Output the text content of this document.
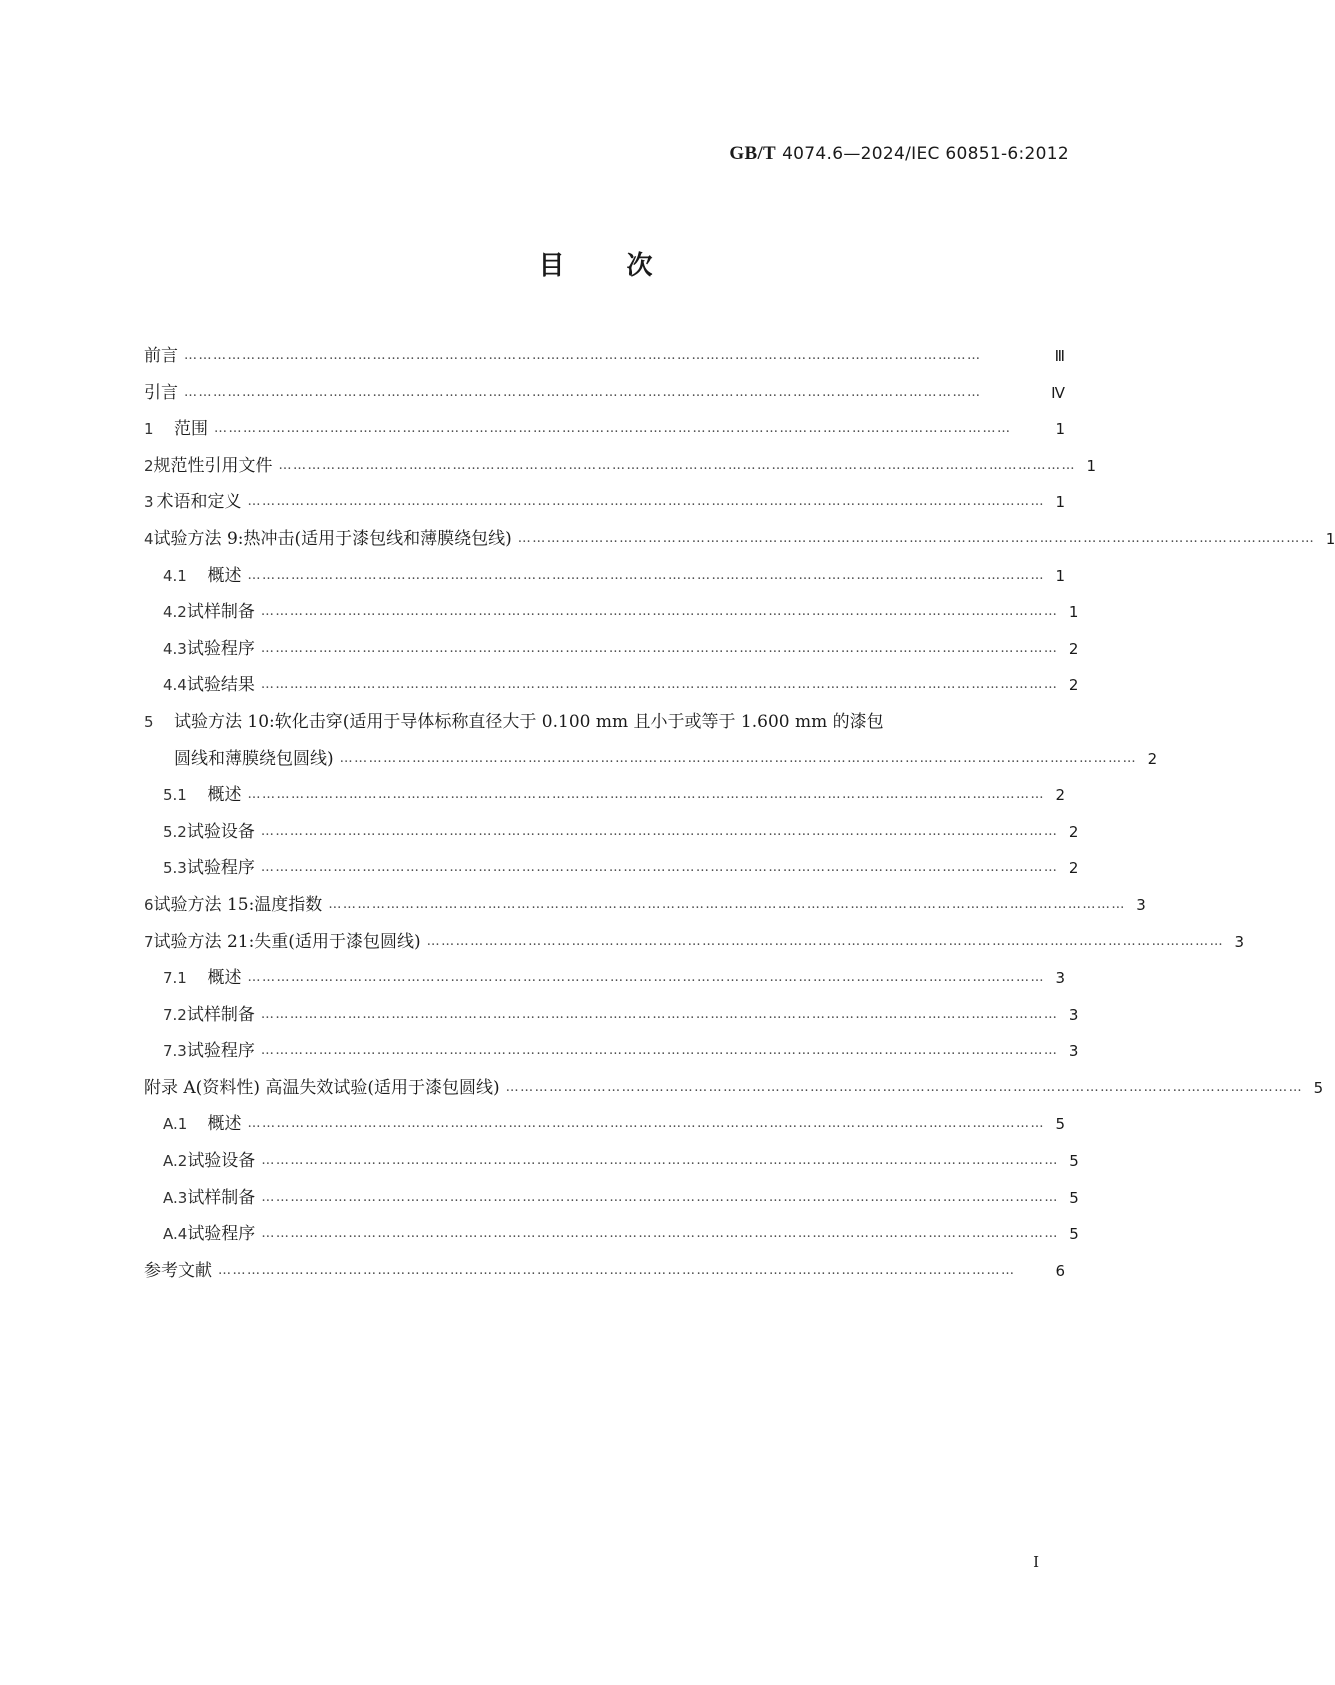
GB/T 4074.6—2024/IEC 60851-6:2012
目次
前言 …………………………………………………………………………………………………………………………………………………	Ⅲ
引言 …………………………………………………………………………………………………………………………………………………	Ⅳ
1	范围 …………………………………………………………………………………………………………………………………………………	1
2 规范性引用文件 ………………………………………………………………………………………………………………………………………………… 1
3 术语和定义 ………………………………………………………………………………………………………………………………………………… 1
4 试验方法 9:热冲击(适用于漆包线和薄膜绕包线) ………………………………………………………………………………………………………………………………………………… 1
4.1	概述 ………………………………………………………………………………………………………………………………………………… 1
4.2 试样制备 ………………………………………………………………………………………………………………………………………………… 1
4.3 试验程序 ………………………………………………………………………………………………………………………………………………… 2
4.4 试验结果 ………………………………………………………………………………………………………………………………………………… 2
5	试验方法 10:软化击穿(适用于导体标称直径大于 0.100 mm 且小于或等于 1.600 mm 的漆包
圆线和薄膜绕包圆线) ………………………………………………………………………………………………………………………………………………… 2
5.1	概述 ………………………………………………………………………………………………………………………………………………… 2
5.2 试验设备 ………………………………………………………………………………………………………………………………………………… 2
5.3 试验程序 ………………………………………………………………………………………………………………………………………………… 2
6 试验方法 15:温度指数 ………………………………………………………………………………………………………………………………………………… 3
7 试验方法 21:失重(适用于漆包圆线) ………………………………………………………………………………………………………………………………………………… 3
7.1	概述 ………………………………………………………………………………………………………………………………………………… 3
7.2 试样制备 ………………………………………………………………………………………………………………………………………………… 3
7.3 试验程序 ………………………………………………………………………………………………………………………………………………… 3
附录 A(资料性) 高温失效试验(适用于漆包圆线) ………………………………………………………………………………………………………………………………………………… 5
A.1	概述 ………………………………………………………………………………………………………………………………………………… 5
A.2 试验设备 ………………………………………………………………………………………………………………………………………………… 5
A.3 试样制备 ………………………………………………………………………………………………………………………………………………… 5
A.4 试验程序 ………………………………………………………………………………………………………………………………………………… 5
参考文献 …………………………………………………………………………………………………………………………………………………	6
I
